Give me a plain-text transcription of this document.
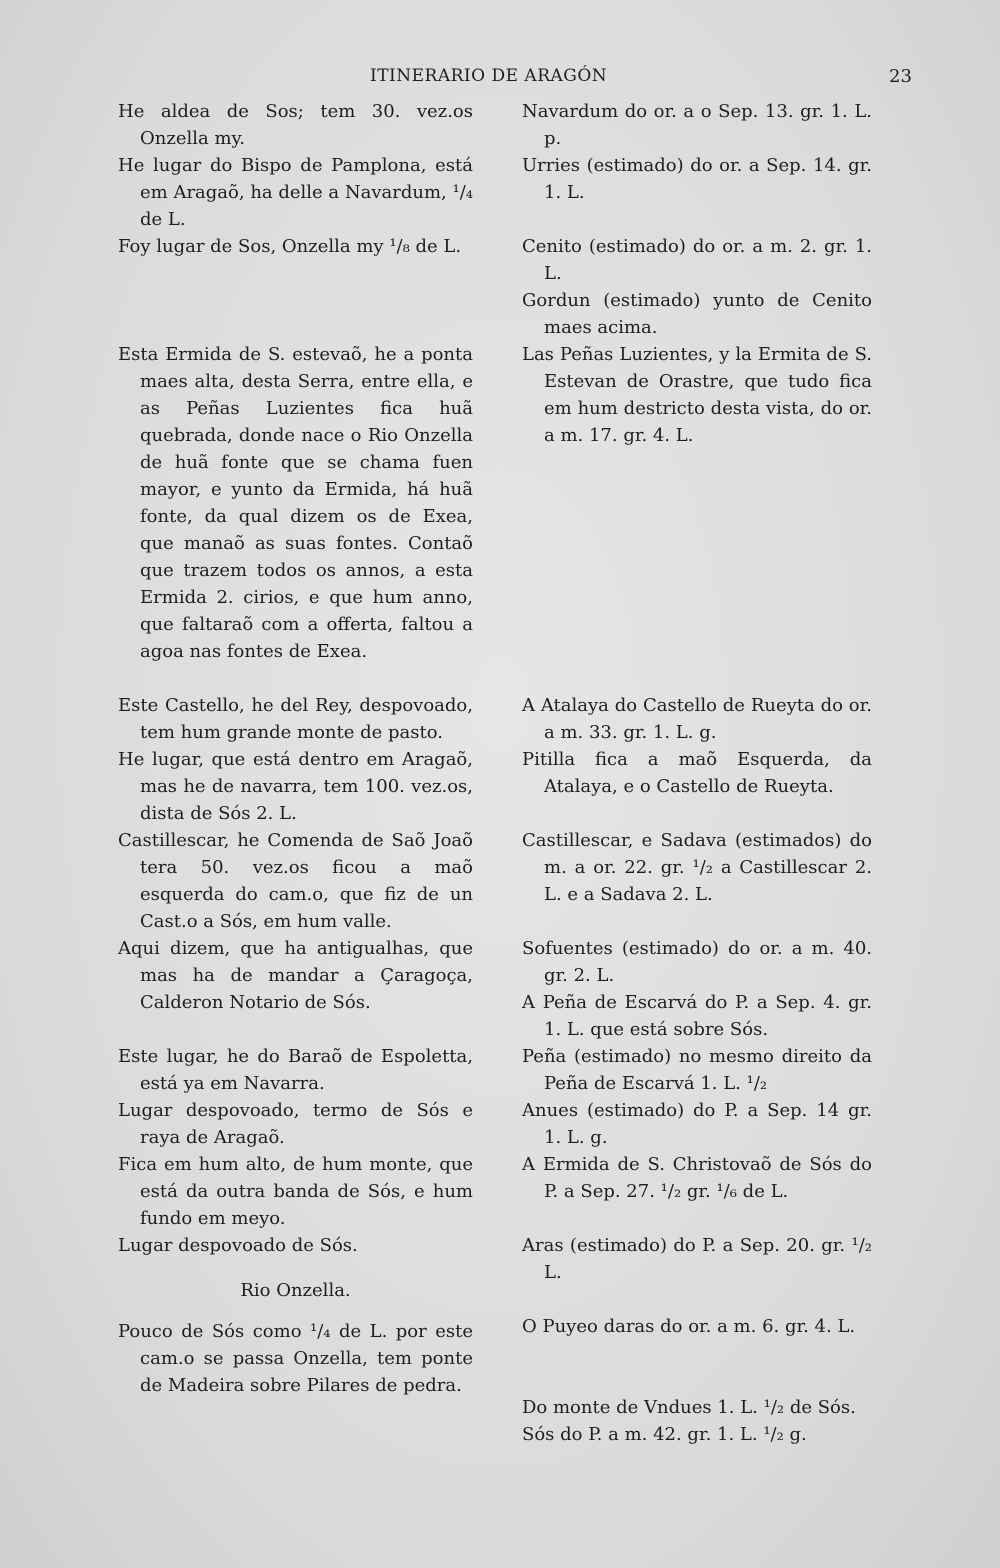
ITINERARIO DE ARAGÓN	23
He aldea de Sos; tem 30. vez.os Onzella my.
He lugar do Bispo de Pamplona, está em Aragaõ, ha delle a Navardum, ¹/₄ de L.
Foy lugar de Sos, Onzella my ¹/₈ de L.
Esta Ermida de S. estevaõ, he a ponta maes alta, desta Serra, entre ella, e as Peñas Luzientes fica huã quebrada, donde nace o Rio Onzella de huã fonte que se chama fuen mayor, e yunto da Ermida, há huã fonte, da qual dizem os de Exea, que manaõ as suas fontes. Contaõ que trazem todos os annos, a esta Ermida 2. cirios, e que hum anno, que faltaraõ com a offerta, faltou a agoa nas fontes de Exea.
Este Castello, he del Rey, despovoado, tem hum grande monte de pasto.
He lugar, que está dentro em Aragaõ, mas he de navarra, tem 100. vez.os, dista de Sós 2. L.
Castillescar, he Comenda de Saõ Joaõ tera 50. vez.os ficou a maõ esquerda do cam.o, que fiz de un Cast.o a Sós, em hum valle.
Aqui dizem, que ha antigualhas, que mas ha de mandar a Çaragoça, Calderon Notario de Sós.
Este lugar, he do Baraõ de Espoletta, está ya em Navarra.
Lugar despovoado, termo de Sós e raya de Aragaõ.
Fica em hum alto, de hum monte, que está da outra banda de Sós, e hum fundo em meyo.
Lugar despovoado de Sós.
Rio Onzella.
Pouco de Sós como ¹/₄ de L. por este cam.o se passa Onzella, tem ponte de Madeira sobre Pilares de pedra.
Navardum do or. a o Sep. 13. gr. 1. L. p.
Urries (estimado) do or. a Sep. 14. gr. 1. L.
Cenito (estimado) do or. a m. 2. gr. 1. L.
Gordun (estimado) yunto de Cenito maes acima.
Las Peñas Luzientes, y la Ermita de S. Estevan de Orastre, que tudo fica em hum destricto desta vista, do or. a m. 17. gr. 4. L.
A Atalaya do Castello de Rueyta do or. a m. 33. gr. 1. L. g.
Pitilla fica a maõ Esquerda, da Atalaya, e o Castello de Rueyta.
Castillescar, e Sadava (estimados) do m. a or. 22. gr. ¹/₂ a Castillescar 2. L. e a Sadava 2. L.
Sofuentes (estimado) do or. a m. 40. gr. 2. L.
A Peña de Escarvá do P. a Sep. 4. gr. 1. L. que está sobre Sós.
Peña (estimado) no mesmo direito da Peña de Escarvá 1. L. ¹/₂
Anues (estimado) do P. a Sep. 14 gr. 1. L. g.
A Ermida de S. Christovaõ de Sós do P. a Sep. 27. ¹/₂ gr. ¹/₆ de L.
Aras (estimado) do P. a Sep. 20. gr. ¹/₂ L.
O Puyeo daras do or. a m. 6. gr. 4. L.
Do monte de Vndues 1. L. ¹/₂ de Sós.
Sós do P. a m. 42. gr. 1. L. ¹/₂ g.
